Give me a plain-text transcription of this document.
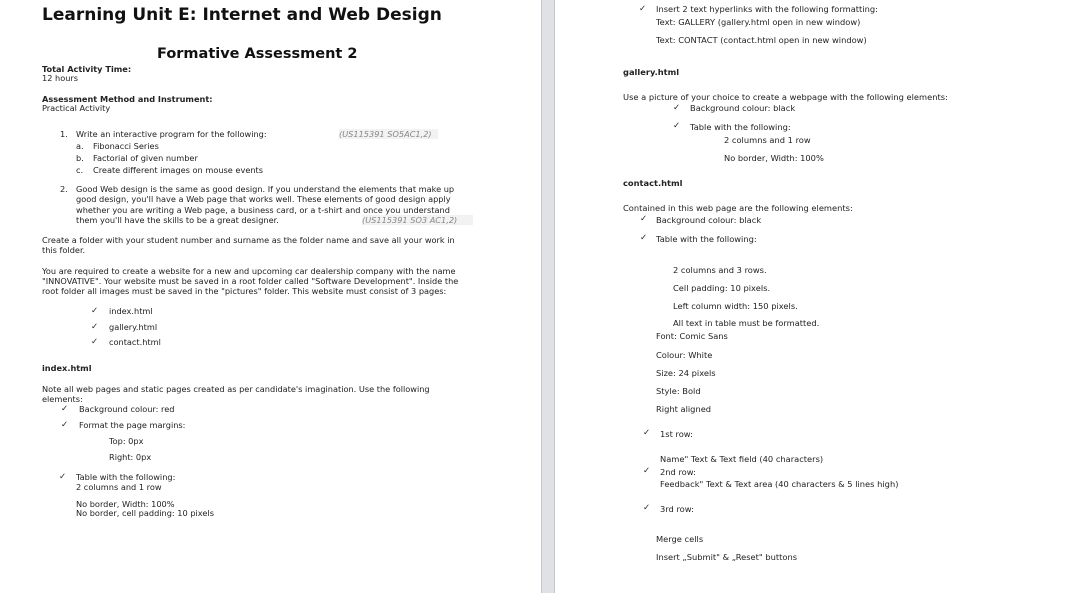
Learning Unit E: Internet and Web Design
Formative Assessment 2
Total Activity Time:
12 hours
Assessment Method and Instrument:
Practical Activity
1. Write an interactive program for the following:	(US115391 SO5AC1,2)
a. Fibonacci Series
b. Factorial of given number
c. Create different images on mouse events
2. Good Web design is the same as good design. If you understand the elements that make up
good design, you'll have a Web page that works well. These elements of good design apply
whether you are writing a Web page, a business card, or a t-shirt and once you understand
them you'll have the skills to be a great designer.	(US115391 SO3 AC1,2)
Create a folder with your student number and surname as the folder name and save all your work in
this folder.
You are required to create a website for a new and upcoming car dealership company with the name
"INNOVATIVE". Your website must be saved in a root folder called "Software Development". Inside the
root folder all images must be saved in the "pictures" folder. This website must consist of 3 pages:
✓ index.html
✓ gallery.html
✓ contact.html
index.html
Note all web pages and static pages created as per candidate's imagination. Use the following
elements:
✓ Background colour: red
✓ Format the page margins:
Top: 0px
Right: 0px
✓ Table with the following:
2 columns and 1 row
No border, Width: 100%
No border, cell padding: 10 pixels
✓ Insert 2 text hyperlinks with the following formatting:
Text: GALLERY (gallery.html open in new window)
Text: CONTACT (contact.html open in new window)
gallery.html
Use a picture of your choice to create a webpage with the following elements:
✓ Background colour: black
✓ Table with the following:
2 columns and 1 row
No border, Width: 100%
contact.html
Contained in this web page are the following elements:
✓ Background colour: black
✓ Table with the following:
2 columns and 3 rows.
Cell padding: 10 pixels.
Left column width: 150 pixels.
All text in table must be formatted.
Font: Comic Sans
Colour: White
Size: 24 pixels
Style: Bold
Right aligned
✓ 1st row:
Name" Text & Text field (40 characters)
✓ 2nd row:
Feedback" Text & Text area (40 characters & 5 lines high)
✓ 3rd row:
Merge cells
Insert „Submit" & „Reset" buttons
